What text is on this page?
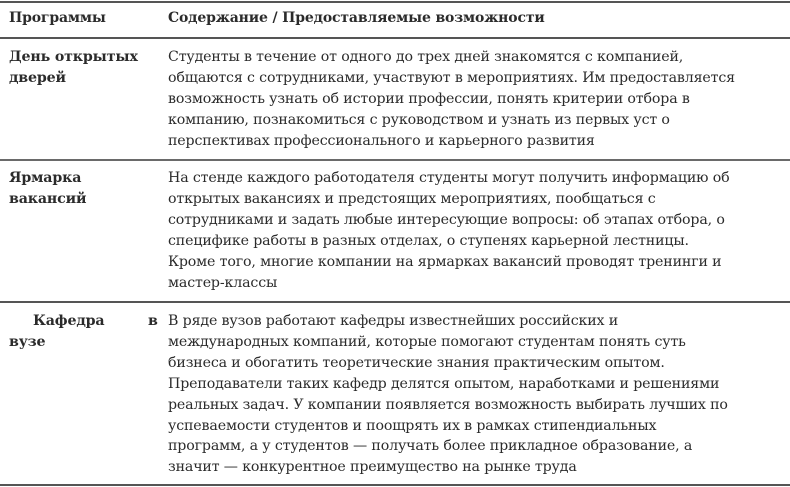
Программы	Содержание / Предоставляемые возможности
День открытых
дверей
Студенты в течение от одного до трех дней знакомятся с компанией,
общаются с сотрудниками, участвуют в мероприятиях. Им предоставляется
возможность узнать об истории профессии, понять критерии отбора в
компанию, познакомиться с руководством и узнать из первых уст о
перспективах профессионального и карьерного развития
Ярмарка
вакансий
На стенде каждого работодателя студенты могут получить информацию об
открытых вакансиях и предстоящих мероприятиях, пообщаться с
сотрудниками и задать любые интересующие вопросы: об этапах отбора, о
специфике работы в разных отделах, о ступенях карьерной лестницы.
Кроме того, многие компании на ярмарках вакансий проводят тренинги и
мастер-классы
Кафедра	в
вузе
В ряде вузов работают кафедры известнейших российских и
международных компаний, которые помогают студентам понять суть
бизнеса и обогатить теоретические знания практическим опытом.
Преподаватели таких кафедр делятся опытом, наработками и решениями
реальных задач. У компании появляется возможность выбирать лучших по
успеваемости студентов и поощрять их в рамках стипендиальных
программ, а у студентов — получать более прикладное образование, а
значит — конкурентное преимущество на рынке труда
